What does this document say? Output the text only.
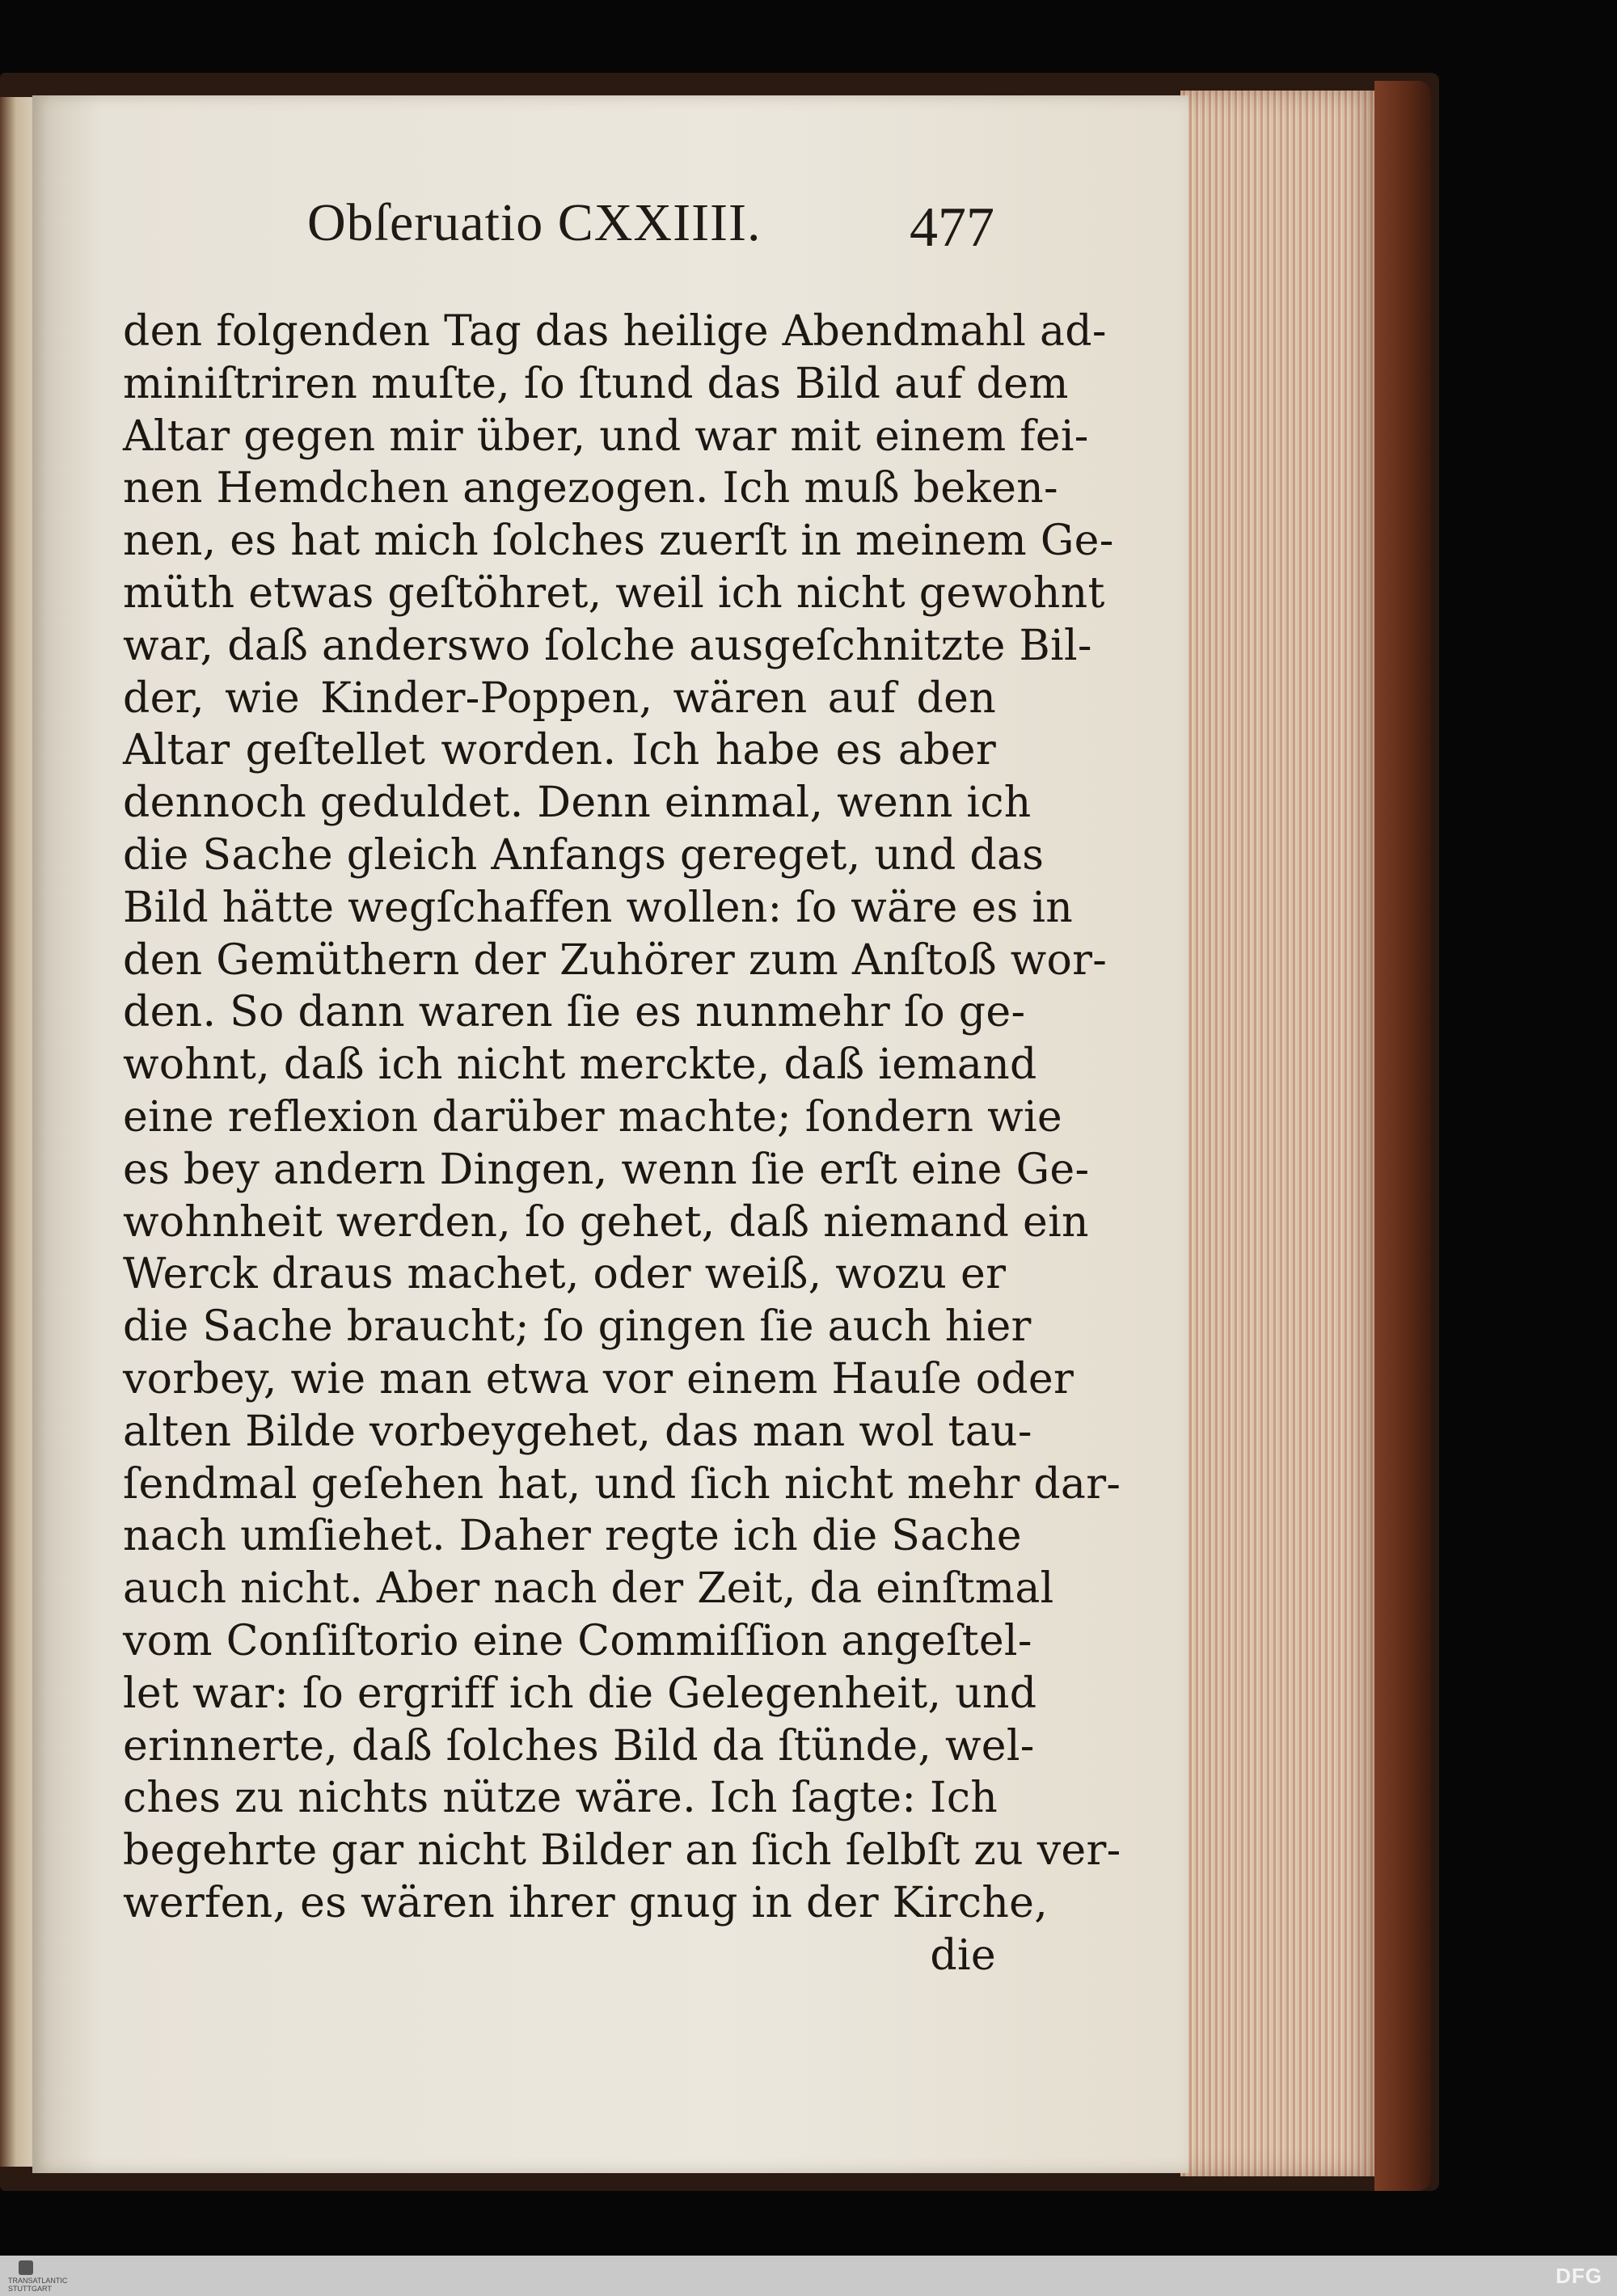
Obſeruatio CXXIIII.	477
den folgenden Tag das heilige Abendmahl ad-
miniſtriren muſte, ſo ſtund das Bild auf dem
Altar gegen mir über, und war mit einem fei-
nen Hemdchen angezogen. Ich muß beken-
nen, es hat mich ſolches zuerſt in meinem Ge-
müth etwas geſtöhret, weil ich nicht gewohnt
war, daß anderswo ſolche ausgeſchnitzte Bil-
der, wie Kinder-Poppen, wären auf den
Altar geſtellet worden. Ich habe es aber
dennoch geduldet. Denn einmal, wenn ich
die Sache gleich Anfangs gereget, und das
Bild hätte wegſchaffen wollen: ſo wäre es in
den Gemüthern der Zuhörer zum Anſtoß wor-
den. So dann waren ſie es nunmehr ſo ge-
wohnt, daß ich nicht merckte, daß iemand
eine reflexion darüber machte; ſondern wie
es bey andern Dingen, wenn ſie erſt eine Ge-
wohnheit werden, ſo gehet, daß niemand ein
Werck draus machet, oder weiß, wozu er
die Sache braucht; ſo gingen ſie auch hier
vorbey, wie man etwa vor einem Hauſe oder
alten Bilde vorbeygehet, das man wol tau-
ſendmal geſehen hat, und ſich nicht mehr dar-
nach umſiehet. Daher regte ich die Sache
auch nicht. Aber nach der Zeit, da einſtmal
vom Conſiſtorio eine Commiſſion angeſtel-
let war: ſo ergriff ich die Gelegenheit, und
erinnerte, daß ſolches Bild da ſtünde, wel-
ches zu nichts nütze wäre. Ich ſagte: Ich
begehrte gar nicht Bilder an ſich ſelbſt zu ver-
werfen, es wären ihrer gnug in der Kirche,
die
TRANSATLANTIC STUTTGART
DFG
